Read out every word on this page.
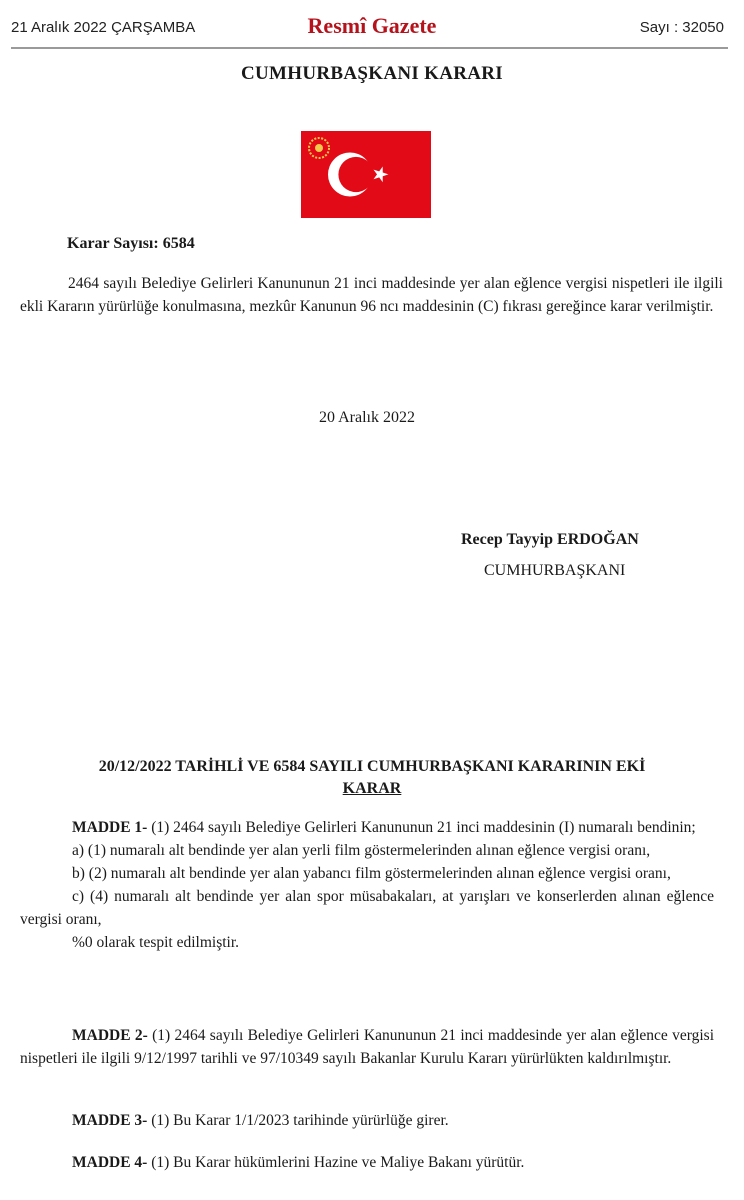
21 Aralık 2022 ÇARŞAMBA	Resmî Gazete	Sayı : 32050
CUMHURBAŞKANI KARARI
Karar Sayısı: 6584
2464 sayılı Belediye Gelirleri Kanununun 21 inci maddesinde yer alan eğlence vergisi nispetleri ile ilgili ekli Kararın yürürlüğe konulmasına, mezkûr Kanunun 96 ncı maddesinin (C) fıkrası gereğince karar verilmiştir.
20 Aralık 2022
Recep Tayyip ERDOĞAN
CUMHURBAŞKANI
20/12/2022 TARİHLİ VE 6584 SAYILI CUMHURBAŞKANI KARARININ EKİ
KARAR

MADDE 1- (1) 2464 sayılı Belediye Gelirleri Kanununun 21 inci maddesinin (I) numaralı bendinin;

a) (1) numaralı alt bendinde yer alan yerli film göstermelerinden alınan eğlence vergisi oranı,

b) (2) numaralı alt bendinde yer alan yabancı film göstermelerinden alınan eğlence vergisi oranı,

c) (4) numaralı alt bendinde yer alan spor müsabakaları, at yarışları ve konserlerden alınan eğlence vergisi oranı,

%0 olarak tespit edilmiştir.

MADDE 2- (1) 2464 sayılı Belediye Gelirleri Kanununun 21 inci maddesinde yer alan eğlence vergisi nispetleri ile ilgili 9/12/1997 tarihli ve 97/10349 sayılı Bakanlar Kurulu Kararı yürürlükten kaldırılmıştır.
MADDE 3- (1) Bu Karar 1/1/2023 tarihinde yürürlüğe girer.
MADDE 4- (1) Bu Karar hükümlerini Hazine ve Maliye Bakanı yürütür.
